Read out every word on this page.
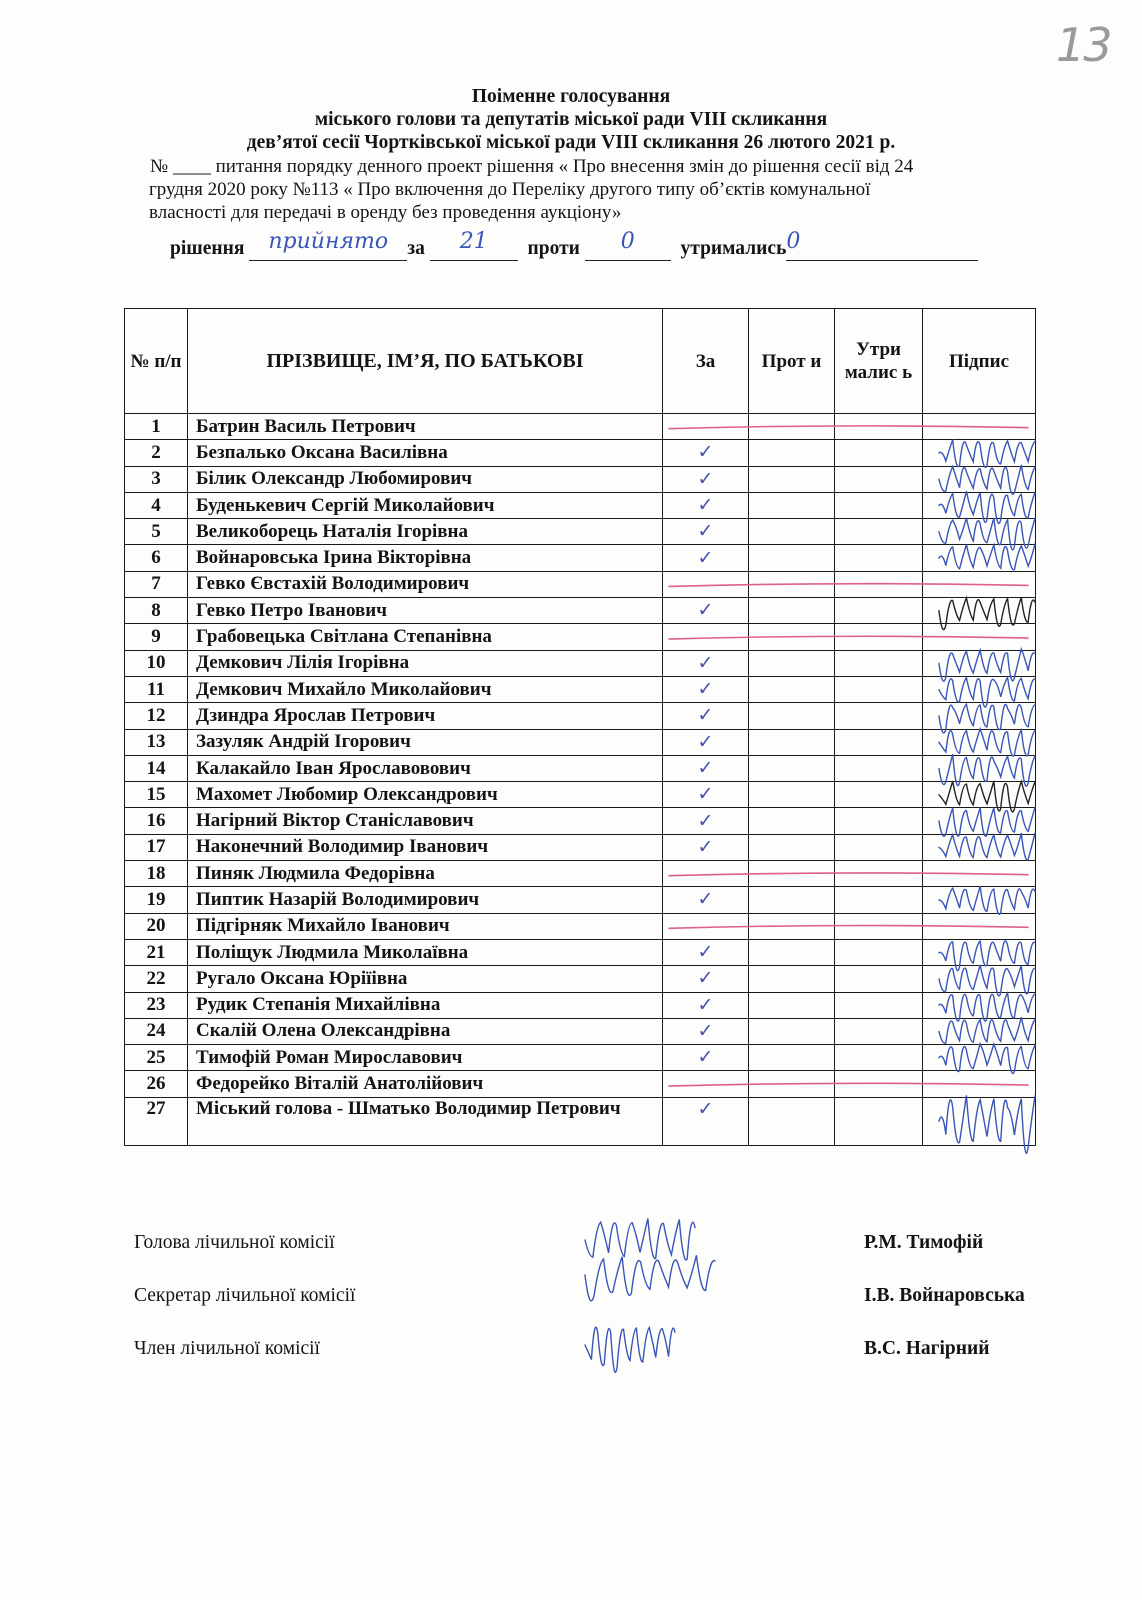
13
Поіменне голосування
міського голови та депутатів міської ради VIII скликання
дев’ятої сесії Чортківської міської ради VIII скликання 26 лютого 2021 р.
№ ____ питання порядку денного проект рішення « Про внесення змін до рішення сесії від 24
грудня 2020 року №113 « Про включення до Переліку другого типу об’єктів комунальної
власності для передачі в оренду без проведення аукціону»
рішення прийнято за 21 проти 0 утримались0
№ п/п	ПРІЗВИЩЕ, ІМ’Я, ПО БАТЬКОВІ	За	Прот и	Утри малис ь	Підпис
1	Батрин Василь Петрович				
2	Безпалько Оксана Василівна	✓			
3	Білик Олександр Любомирович	✓			
4	Буденькевич Сергій Миколайович	✓			
5	Великоборець Наталія Ігорівна	✓			
6	Войнаровська Ірина Вікторівна	✓			
7	Гевко Євстахій Володимирович				
8	Гевко Петро Іванович	✓			
9	Грабовецька Світлана Степанівна				
10	Демкович Лілія Ігорівна	✓			
11	Демкович Михайло Миколайович	✓			
12	Дзиндра Ярослав Петрович	✓			
13	Зазуляк Андрій Ігорович	✓			
14	Калакайло Іван Ярославовович	✓			
15	Махомет Любомир Олександрович	✓			
16	Нагірний Віктор Станіславович	✓			
17	Наконечний Володимир Іванович	✓			
18	Пиняк Людмила Федорівна				
19	Пиптик Назарій Володимирович	✓			
20	Підгірняк Михайло Іванович				
21	Поліщук Людмила Миколаївна	✓			
22	Ругало Оксана Юріїівна	✓			
23	Рудик Степанія Михайлівна	✓			
24	Скалій Олена Олександрівна	✓			
25	Тимофій Роман Мирославович	✓			
26	Федорейко Віталій Анатолійович				
27	Міський голова - Шматько Володимир Петрович	✓			
Голова лічильної комісії	Р.М. Тимофій
Секретар лічильної комісії	І.В. Войнаровська
Член лічильної комісії	В.С. Нагірний
